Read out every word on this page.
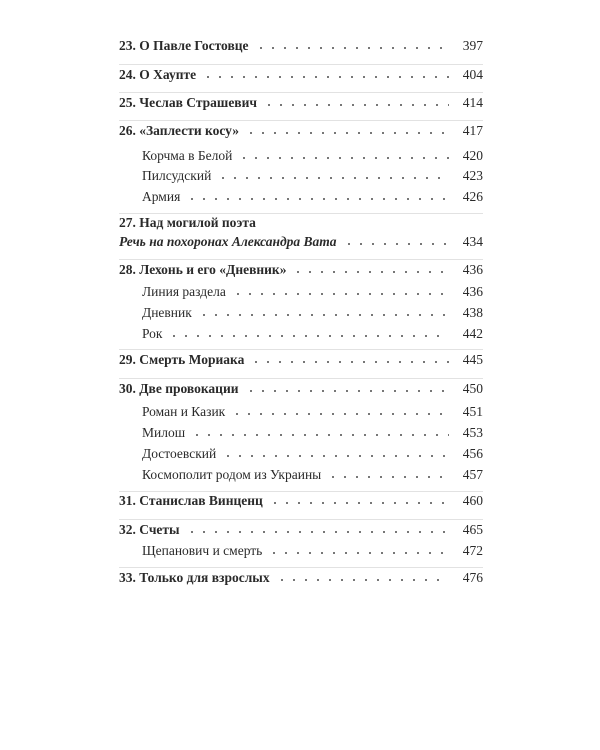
23. О Павле Гостовце	397
24. О Хаупте	404
25. Чеслав Страшевич	414
26. «Заплести косу»	417
Корчма в Белой	420
Пилсудский	423
Армия	426
27. Над могилой поэта
Речь на похоронах Александра Вата	434
28. Лехонь и его «Дневник»	436
Линия раздела	436
Дневник	438
Рок	442
29. Смерть Мориака	445
30. Две провокации	450
Роман и Казик	451
Милош	453
Достоевский	456
Космополит родом из Украины	457
31. Станислав Винценц	460
32. Счеты	465
Щепанович и смерть	472
33. Только для взрослых	476
